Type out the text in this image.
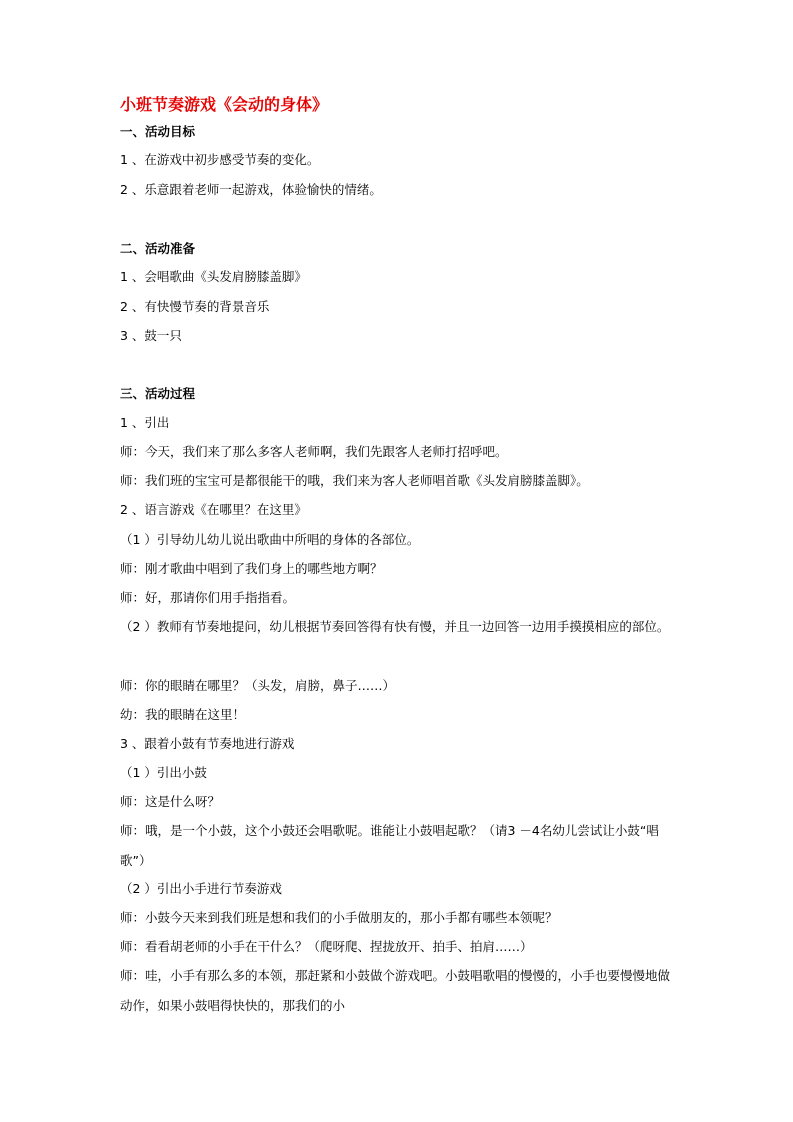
小班节奏游戏《会动的身体》
一、活动目标
1 、在游戏中初步感受节奏的变化。
2 、乐意跟着老师一起游戏，体验愉快的情绪。
二、活动准备
1 、会唱歌曲《头发肩膀膝盖脚》
2 、有快慢节奏的背景音乐
3 、鼓一只
三、活动过程
1 、引出
师：今天，我们来了那么多客人老师啊，我们先跟客人老师打招呼吧。
师：我们班的宝宝可是都很能干的哦，我们来为客人老师唱首歌《头发肩膀膝盖脚》。
2 、语言游戏《在哪里？在这里》
（1 ）引导幼儿幼儿说出歌曲中所唱的身体的各部位。
师：刚才歌曲中唱到了我们身上的哪些地方啊？
师：好，那请你们用手指指看。
（2 ）教师有节奏地提问，幼儿根据节奏回答得有快有慢，并且一边回答一边用手摸摸相应的部位。
师：你的眼睛在哪里？（头发，肩膀，鼻子……）
幼：我的眼睛在这里！
3 、跟着小鼓有节奏地进行游戏
（1 ）引出小鼓
师：这是什么呀？
师：哦，是一个小鼓，这个小鼓还会唱歌呢。谁能让小鼓唱起歌？（请3 －4名幼儿尝试让小鼓“唱歌”）
（2 ）引出小手进行节奏游戏
师：小鼓今天来到我们班是想和我们的小手做朋友的，那小手都有哪些本领呢？
师：看看胡老师的小手在干什么？（爬呀爬、捏拢放开、拍手、拍肩……）
师：哇，小手有那么多的本领，那赶紧和小鼓做个游戏吧。小鼓唱歌唱的慢慢的，小手也要慢慢地做动作，如果小鼓唱得快快的，那我们的小
